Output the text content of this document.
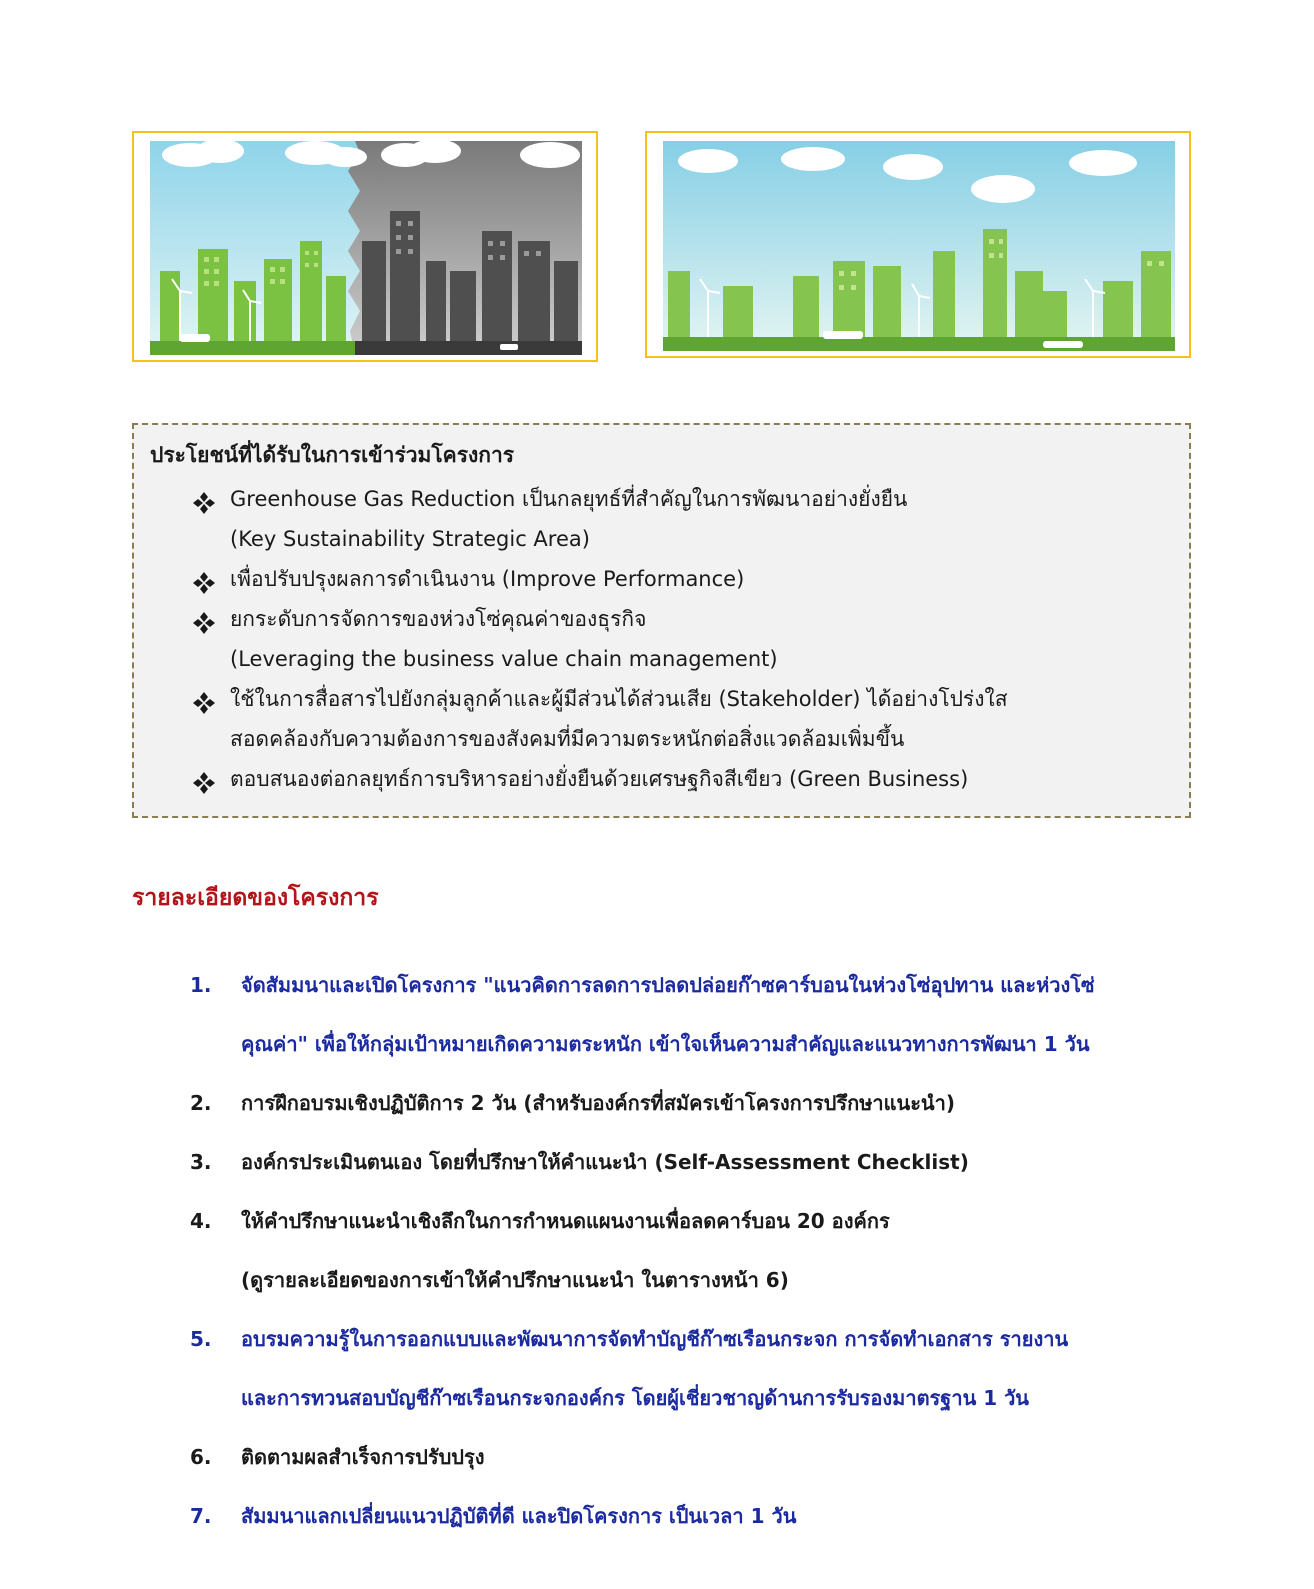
ประโยชน์ที่ได้รับในการเข้าร่วมโครงการ
Greenhouse Gas Reduction เป็นกลยุทธ์ที่สำคัญในการพัฒนาอย่างยั่งยืน
(Key Sustainability Strategic Area)
เพื่อปรับปรุงผลการดำเนินงาน (Improve Performance)
ยกระดับการจัดการของห่วงโซ่คุณค่าของธุรกิจ
(Leveraging the business value chain management)
ใช้ในการสื่อสารไปยังกลุ่มลูกค้าและผู้มีส่วนได้ส่วนเสีย (Stakeholder) ได้อย่างโปร่งใส
สอดคล้องกับความต้องการของสังคมที่มีความตระหนักต่อสิ่งแวดล้อมเพิ่มขึ้น
ตอบสนองต่อกลยุทธ์การบริหารอย่างยั่งยืนด้วยเศรษฐกิจสีเขียว (Green Business)
รายละเอียดของโครงการ
1. จัดสัมมนาและเปิดโครงการ "แนวคิดการลดการปลดปล่อยก๊าซคาร์บอนในห่วงโซ่อุปทาน และห่วงโซ่
คุณค่า" เพื่อให้กลุ่มเป้าหมายเกิดความตระหนัก เข้าใจเห็นความสำคัญและแนวทางการพัฒนา 1 วัน
2. การฝึกอบรมเชิงปฏิบัติการ 2 วัน (สำหรับองค์กรที่สมัครเข้าโครงการปรึกษาแนะนำ)
3. องค์กรประเมินตนเอง โดยที่ปรึกษาให้คำแนะนำ (Self-Assessment Checklist)
4. ให้คำปรึกษาแนะนำเชิงลึกในการกำหนดแผนงานเพื่อลดคาร์บอน 20 องค์กร
(ดูรายละเอียดของการเข้าให้คำปรึกษาแนะนำ ในตารางหน้า 6)
5. อบรมความรู้ในการออกแบบและพัฒนาการจัดทำบัญชีก๊าซเรือนกระจก การจัดทำเอกสาร รายงาน
และการทวนสอบบัญชีก๊าซเรือนกระจกองค์กร โดยผู้เชี่ยวชาญด้านการรับรองมาตรฐาน 1 วัน
6. ติดตามผลสำเร็จการปรับปรุง
7. สัมมนาแลกเปลี่ยนแนวปฏิบัติที่ดี และปิดโครงการ เป็นเวลา 1 วัน
